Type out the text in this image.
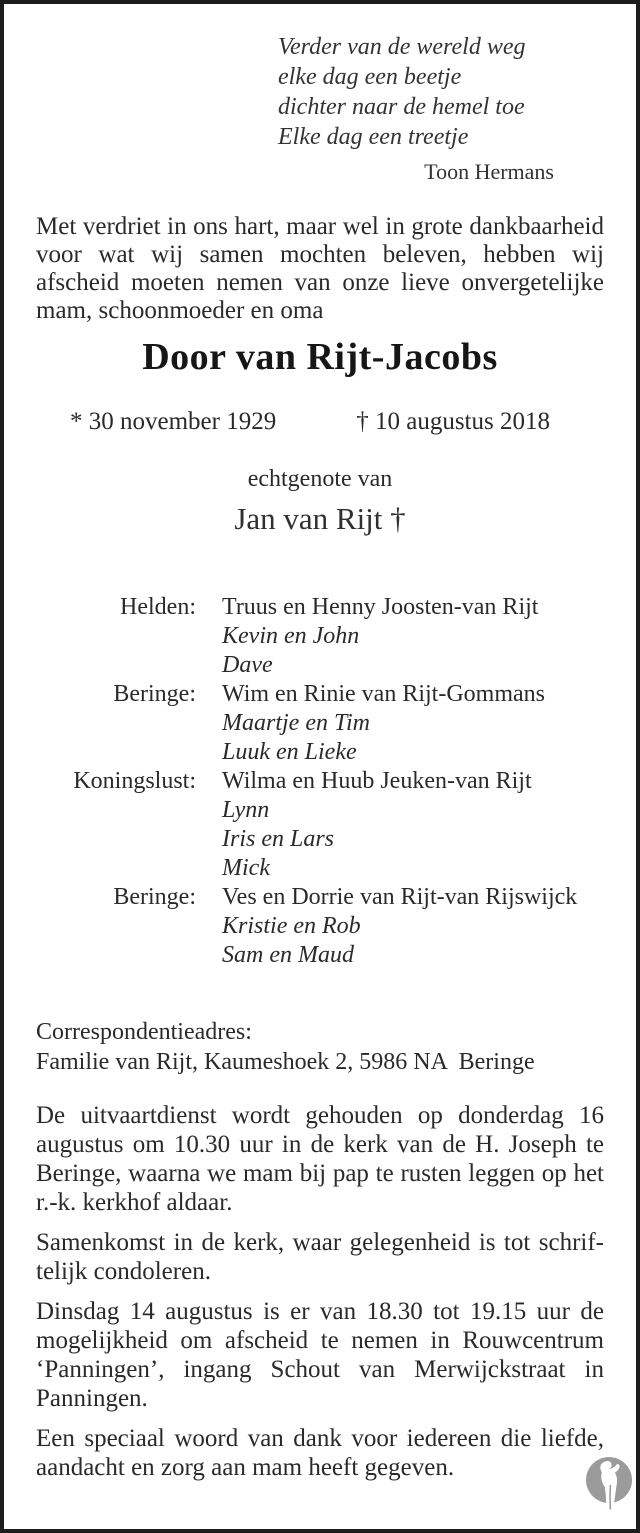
Verder van de wereld weg
elke dag een beetje
dichter naar de hemel toe
Elke dag een treetje
Toon Hermans

Met verdriet in ons hart, maar wel in grote dankbaarheid voor wat wij samen mochten beleven, hebben wij afscheid moeten nemen van onze lieve onvergetelijke mam, schoonmoeder en oma

Door van Rijt-Jacobs
* 30 november 1929	† 10 augustus 2018
echtgenote van
Jan van Rijt †
Helden: Truus en Henny Joosten-van Rijt
Kevin en John
Dave
Beringe: Wim en Rinie van Rijt-Gommans
Maartje en Tim
Luuk en Lieke
Koningslust: Wilma en Huub Jeuken-van Rijt
Lynn
Iris en Lars
Mick
Beringe: Ves en Dorrie van Rijt-van Rijswijck
Kristie en Rob
Sam en Maud
Correspondentieadres:
Familie van Rijt, Kaumeshoek 2, 5986 NA  Beringe

De uitvaartdienst wordt gehouden op donderdag 16 augustus om 10.30 uur in de kerk van de H. Joseph te Beringe, waarna we mam bij pap te rusten leggen op het r.-k. kerkhof aldaar.

Samenkomst in de kerk, waar gelegenheid is tot schriftelijk condoleren.

Dinsdag 14 augustus is er van 18.30 tot 19.15 uur de mogelijkheid om afscheid te nemen in Rouwcentrum ‘Panningen’, ingang Schout van Merwijckstraat in Panningen.

Een speciaal woord van dank voor iedereen die liefde, aandacht en zorg aan mam heeft gegeven.
